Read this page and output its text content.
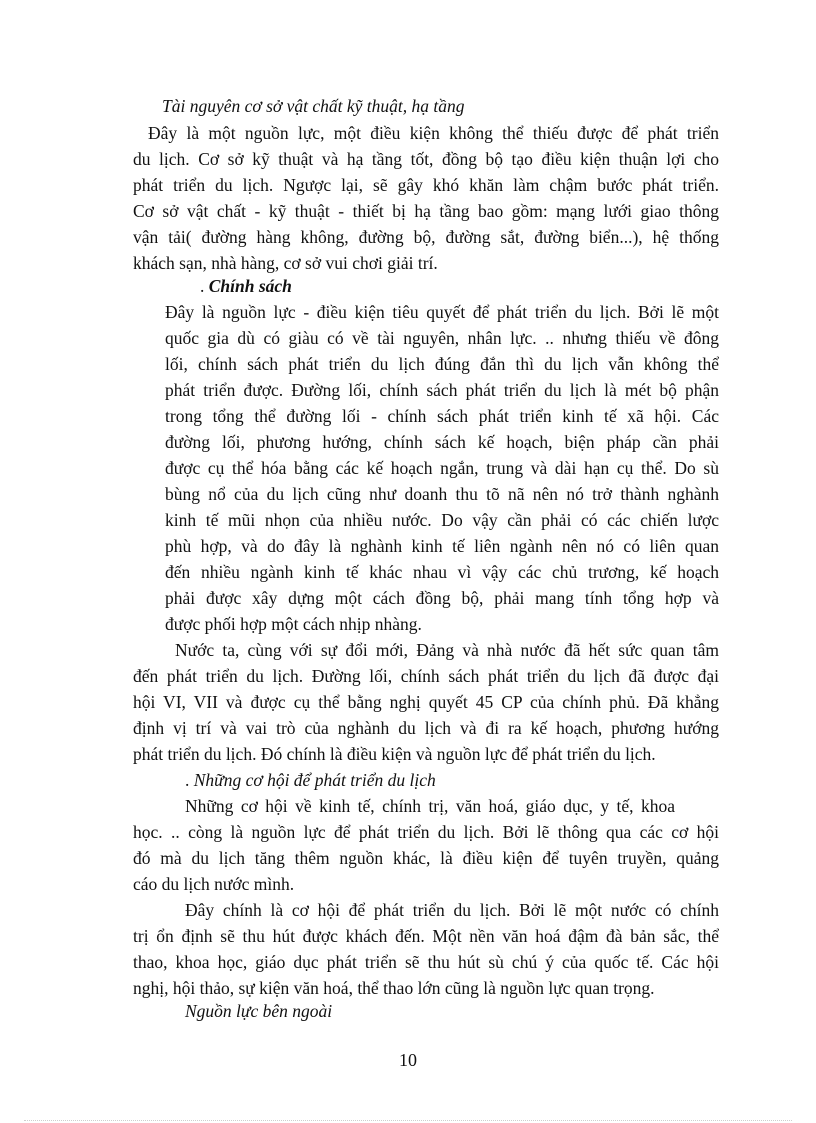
Tài nguyên cơ sở vật chất kỹ thuật, hạ tầng
Đây là một nguồn lực, một điều kiện không thể thiếu được để phát triển
du lịch. Cơ sở kỹ thuật và hạ tầng tốt, đồng bộ tạo điều kiện thuận lợi cho
phát triển du lịch. Ngược lại, sẽ gây khó khăn làm chậm bước phát triển.
Cơ sở vật chất - kỹ thuật - thiết bị hạ tầng bao gồm: mạng lưới giao thông
vận tải( đường hàng không, đường bộ, đường sắt, đường biển...), hệ thống
khách sạn, nhà hàng, cơ sở vui chơi giải trí.
. Chính sách
Đây là nguồn lực - điều kiện tiêu quyết để phát triển du lịch. Bởi lẽ một
quốc gia dù có giàu có về tài nguyên, nhân lực. .. nhưng thiếu về đông
lối, chính sách phát triển du lịch đúng đắn thì du lịch vẫn không thể
phát triển được. Đường lối, chính sách phát triển du lịch là mét bộ phận
trong tổng thể đường lối - chính sách phát triển kinh tế xã hội. Các
đường lối, phương hướng, chính sách kế hoạch, biện pháp cần phải
được cụ thể hóa bằng các kế hoạch ngắn, trung và dài hạn cụ thể. Do sù
bùng nổ của du lịch cũng như doanh thu tõ nã nên nó trở thành nghành
kinh tế mũi nhọn của nhiều nước. Do vậy cần phải có các chiến lược
phù hợp, và do đây là nghành kinh tế liên ngành nên nó có liên quan
đến nhiều ngành kinh tế khác nhau vì vậy các chủ trương, kế hoạch
phải được xây dựng một cách đồng bộ, phải mang tính tổng hợp và
được phối hợp một cách nhịp nhàng.
Nước ta, cùng với sự đổi mới, Đảng và nhà nước đã hết sức quan tâm
đến phát triển du lịch. Đường lối, chính sách phát triển du lịch đã được đại
hội VI, VII và được cụ thể bằng nghị quyết 45 CP của chính phủ. Đã khẳng
định vị trí và vai trò của nghành du lịch và đi ra kế hoạch, phương hướng
phát triển du lịch. Đó chính là điều kiện và nguồn lực để phát triển du lịch.
. Những cơ hội để phát triển du lịch
Những cơ hội về kinh tế, chính trị, văn hoá, giáo dục, y tế, khoa
học. .. còng là nguồn lực để phát triển du lịch. Bởi lẽ thông qua các cơ hội
đó mà du lịch tăng thêm nguồn khác, là điều kiện để tuyên truyền, quảng
cáo du lịch nước mình.
Đây chính là cơ hội để phát triển du lịch. Bởi lẽ một nước có chính
trị ổn định sẽ thu hút được khách đến. Một nền văn hoá đậm đà bản sắc, thể
thao, khoa học, giáo dục phát triển sẽ thu hút sù chú ý của quốc tế. Các hội
nghị, hội thảo, sự kiện văn hoá, thể thao lớn cũng là nguồn lực quan trọng.
Nguồn lực bên ngoài
10
